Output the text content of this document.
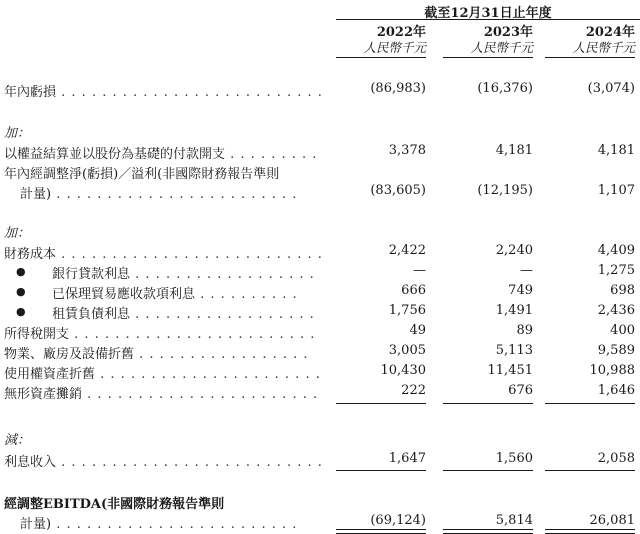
截至12月31日止年度
2022年	2023年	2024年
人民幣千元	人民幣千元	人民幣千元
年內虧損 . . . . . . . . . . . . . . . . . . . . . . . . . .	(86,983)	(16,376)	(3,074)
加：
以權益結算並以股份為基礎的付款開支 . . . . . . . . .	3,378	4,181	4,181
年內經調整淨(虧損)／溢利(非國際財務報告準則
計量) . . . . . . . . . . . . . . . . . . . . . . . .	(83,605)	(12,195)	1,107
加：
財務成本 . . . . . . . . . . . . . . . . . . . . . . . . . .	2,422	2,240	4,409
● 銀行貸款利息 . . . . . . . . . . . . . . . . . .	—	—	1,275
● 已保理貿易應收款項利息 . . . . . . . . . .	666	749	698
● 租賃負債利息 . . . . . . . . . . . . . . . . . .	1,756	1,491	2,436
所得稅開支 . . . . . . . . . . . . . . . . . . . . . . . .	49	89	400
物業、廠房及設備折舊 . . . . . . . . . . . . . . . . .	3,005	5,113	9,589
使用權資產折舊 . . . . . . . . . . . . . . . . . . . . . .	10,430	11,451	10,988
無形資產攤銷 . . . . . . . . . . . . . . . . . . . . . . .	222	676	1,646
減：
利息收入 . . . . . . . . . . . . . . . . . . . . . . . . . .	1,647	1,560	2,058
經調整EBITDA(非國際財務報告準則
計量) . . . . . . . . . . . . . . . . . . . . . . . .	(69,124)	5,814	26,081
